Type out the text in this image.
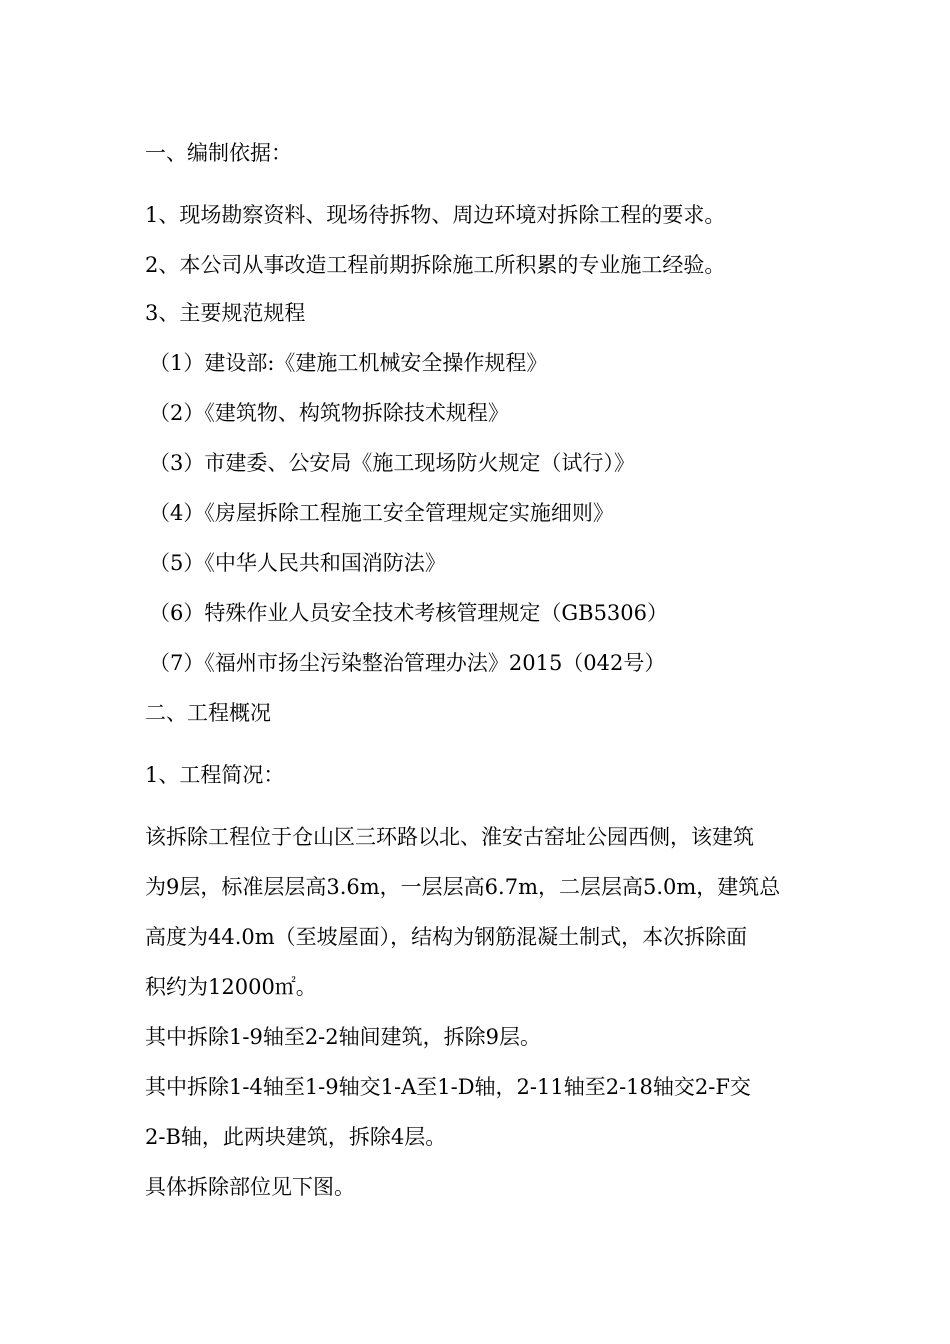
一、编制依据：
1、现场勘察资料、现场待拆物、周边环境对拆除工程的要求。
2、本公司从事改造工程前期拆除施工所积累的专业施工经验。
3、主要规范规程
（1）建设部:《建施工机械安全操作规程》
（2）《建筑物、构筑物拆除技术规程》
（3）市建委、公安局《施工现场防火规定（试行）》
（4）《房屋拆除工程施工安全管理规定实施细则》
（5）《中华人民共和国消防法》
（6）特殊作业人员安全技术考核管理规定（GB5306）
（7）《福州市扬尘污染整治管理办法》2015（042号）
二、工程概况
1、工程简况：
该拆除工程位于仓山区三环路以北、淮安古窑址公园西侧，该建筑
为9层，标准层层高3.6m，一层层高6.7m，二层层高5.0m，建筑总
高度为44.0m（至坡屋面），结构为钢筋混凝土制式，本次拆除面
积约为12000㎡。
其中拆除1-9轴至2-2轴间建筑，拆除9层。
其中拆除1-4轴至1-9轴交1-A至1-D轴，2-11轴至2-18轴交2-F交
2-B轴，此两块建筑，拆除4层。
具体拆除部位见下图。
